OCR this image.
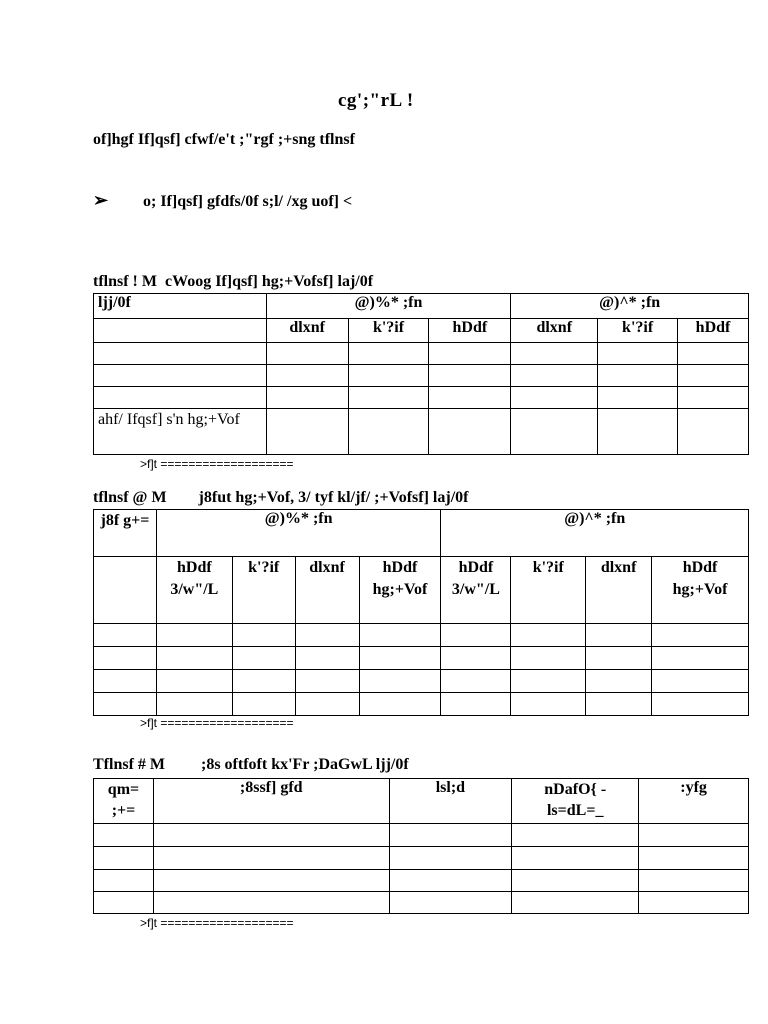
cg';"rL !
of]hgf If]qsf] cfwf/e't ;"rgf ;+sng tflnsf
➢ o; If]qsf] gfdfs/0f s;l/ /xg uof] <
tflnsf ! M  cWoog If]qsf] hg;+Vofsf] laj/0f
ljj/0f	@)%* ;fn			@)^* ;fn		
	dlxnf	k'?if	hDdf	dlxnf	k'?if	hDdf

ahf/ Ifqsf] s'n hg;+Vof						
>f]t ===================
tflnsf @ M        j8fut hg;+Vof, 3/ tyf kl/jf/ ;+Vofsf] laj/0f
j8f g+=	@)%* ;fn				@)^* ;fn			
	hDdf 3/w"/L	k'?if	dlxnf	hDdf hg;+Vof	hDdf 3/w"/L	k'?if	dlxnf	hDdf hg;+Vof

>f]t ===================
Tflnsf # M         ;8s oftfoft kx'Fr ;DaGwL ljj/0f
qm= ;+=	;8ssf] gfd	lsl;d	nDafO{ - ls=dL=_	:yfg

>f]t ===================
